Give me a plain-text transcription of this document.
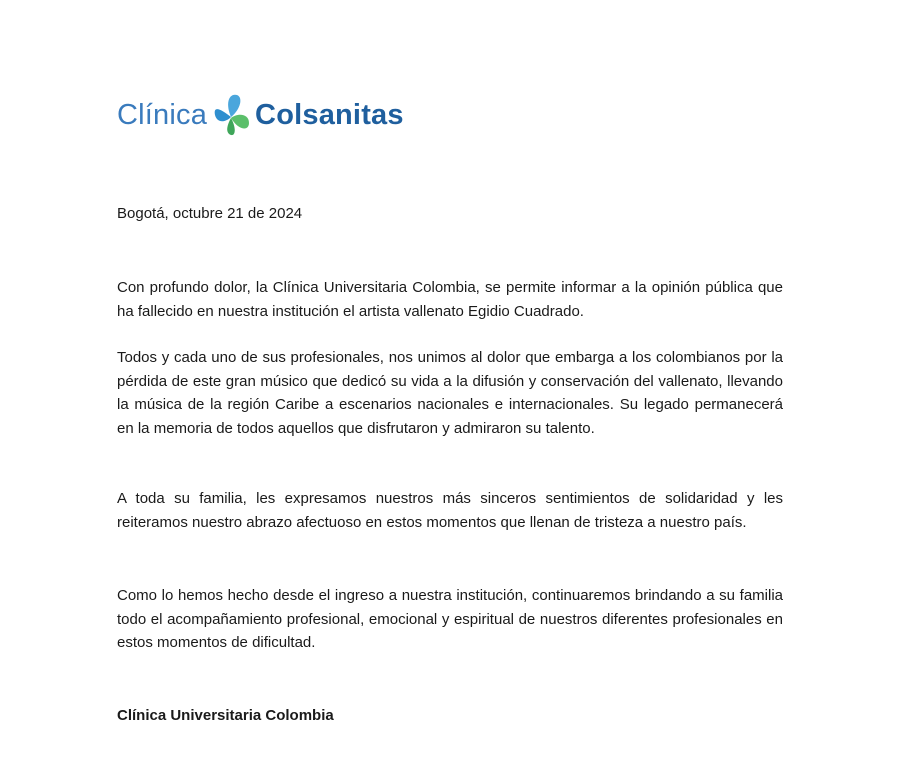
Clínica Colsanitas
Bogotá, octubre 21 de 2024
Con profundo dolor, la Clínica Universitaria Colombia, se permite informar a la opinión pública que ha fallecido en nuestra institución el artista vallenato Egidio Cuadrado.
Todos y cada uno de sus profesionales, nos unimos al dolor que embarga a los colombianos por la pérdida de este gran músico que dedicó su vida a la difusión y conservación del vallenato, llevando la música de la región Caribe a escenarios nacionales e internacionales. Su legado permanecerá en la memoria de todos aquellos que disfrutaron y admiraron su talento.
A toda su familia, les expresamos nuestros más sinceros sentimientos de solidaridad y les reiteramos nuestro abrazo afectuoso en estos momentos que llenan de tristeza a nuestro país.
Como lo hemos hecho desde el ingreso a nuestra institución, continuaremos brindando a su familia todo el acompañamiento profesional, emocional y espiritual de nuestros diferentes profesionales en estos momentos de dificultad.
Clínica Universitaria Colombia
